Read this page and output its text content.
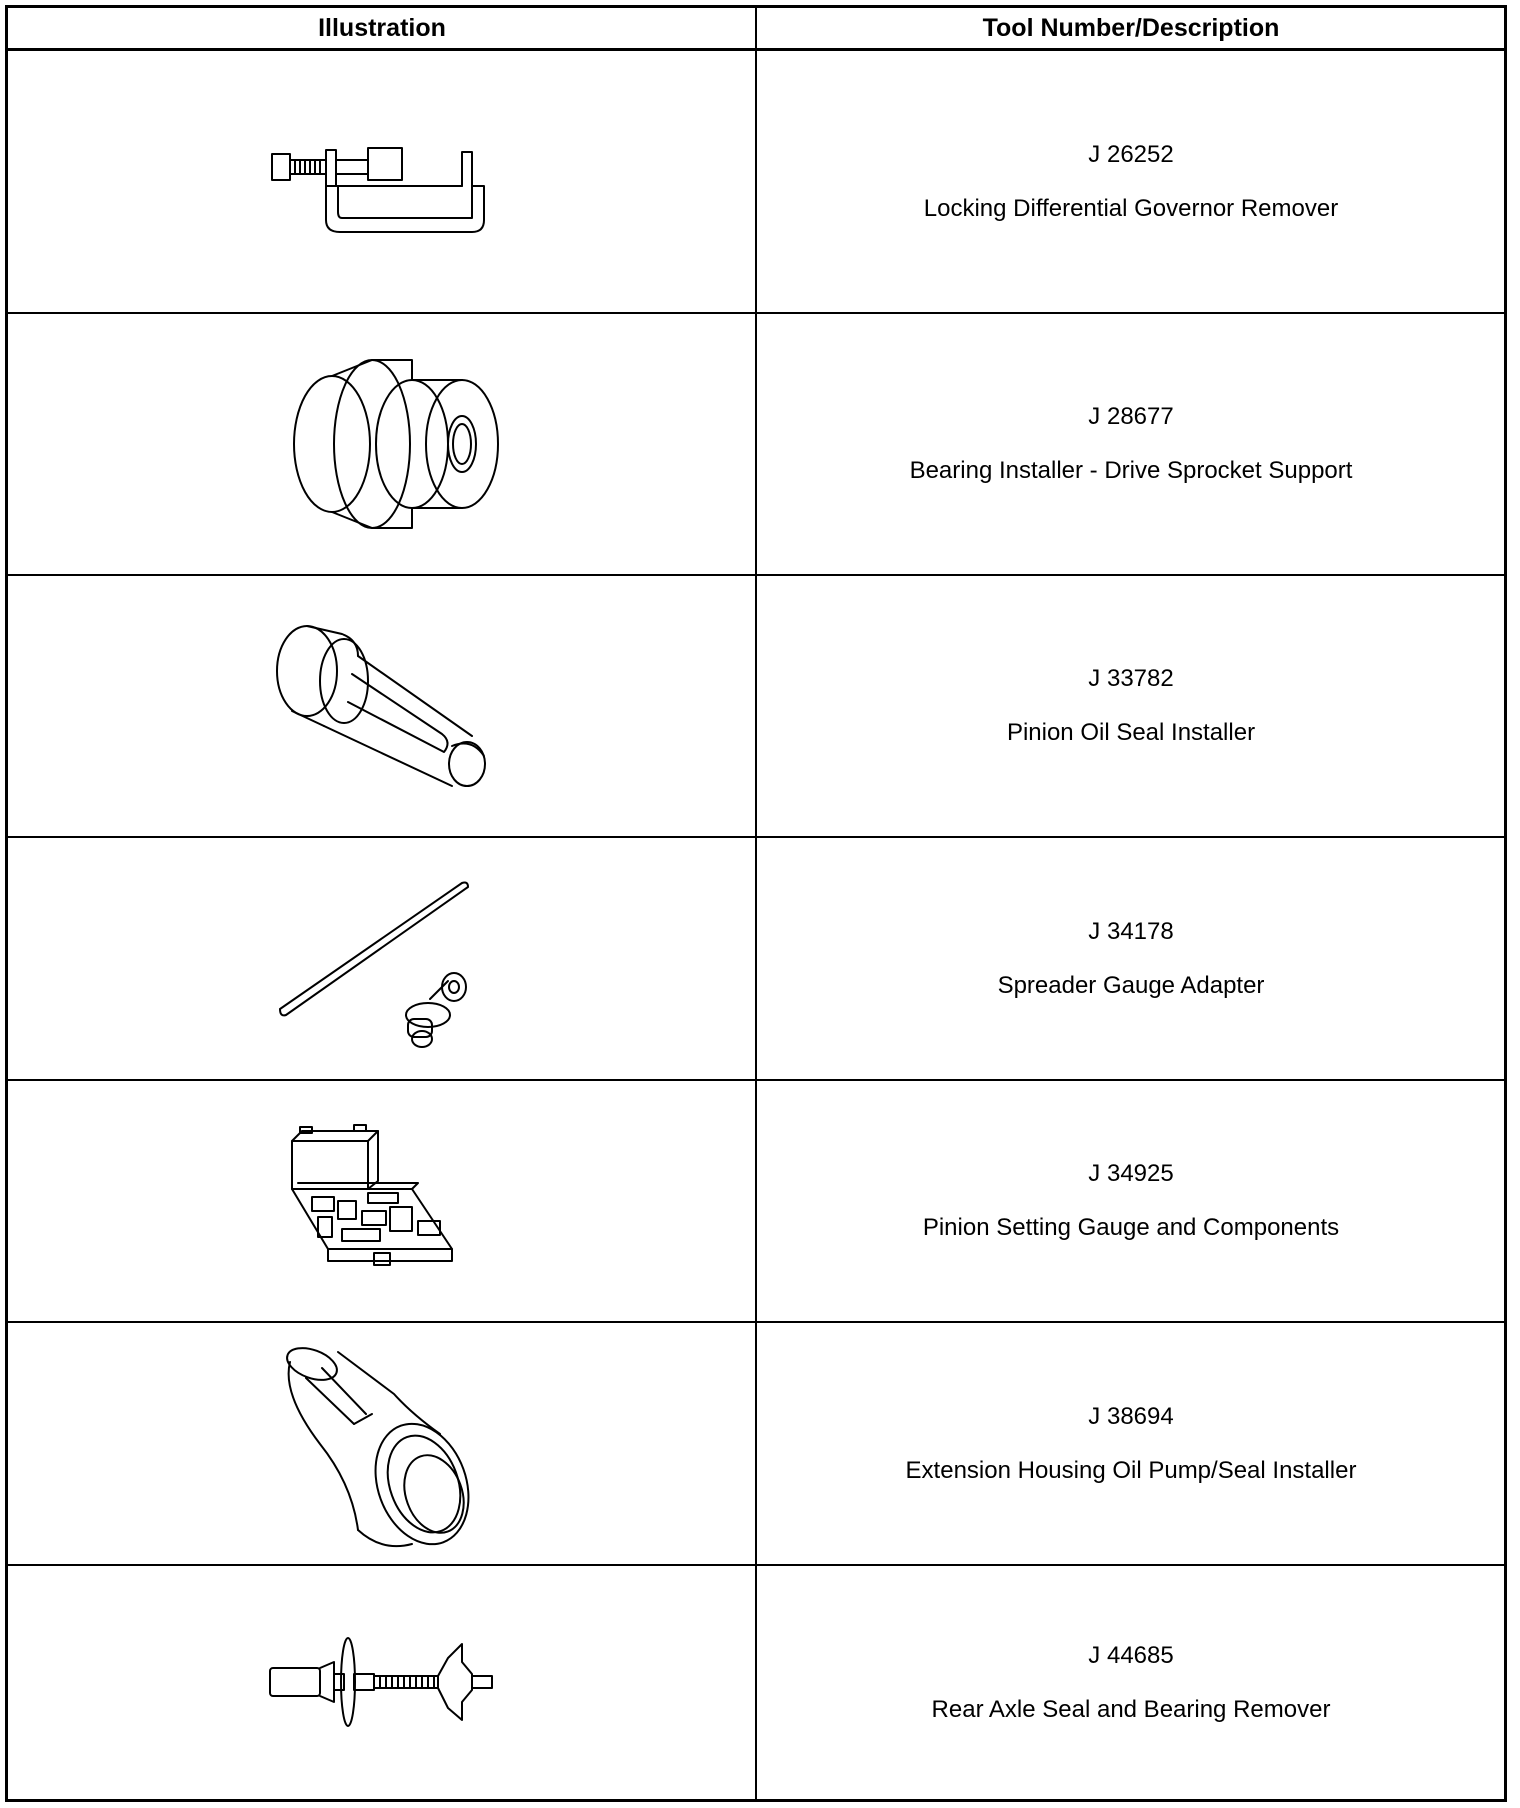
Illustration	Tool Number/Description
J 26252
Locking Differential Governor Remover
J 28677
Bearing Installer - Drive Sprocket Support
J 33782
Pinion Oil Seal Installer
J 34178
Spreader Gauge Adapter
J 34925
Pinion Setting Gauge and Components
J 38694
Extension Housing Oil Pump/Seal Installer
J 44685
Rear Axle Seal and Bearing Remover
